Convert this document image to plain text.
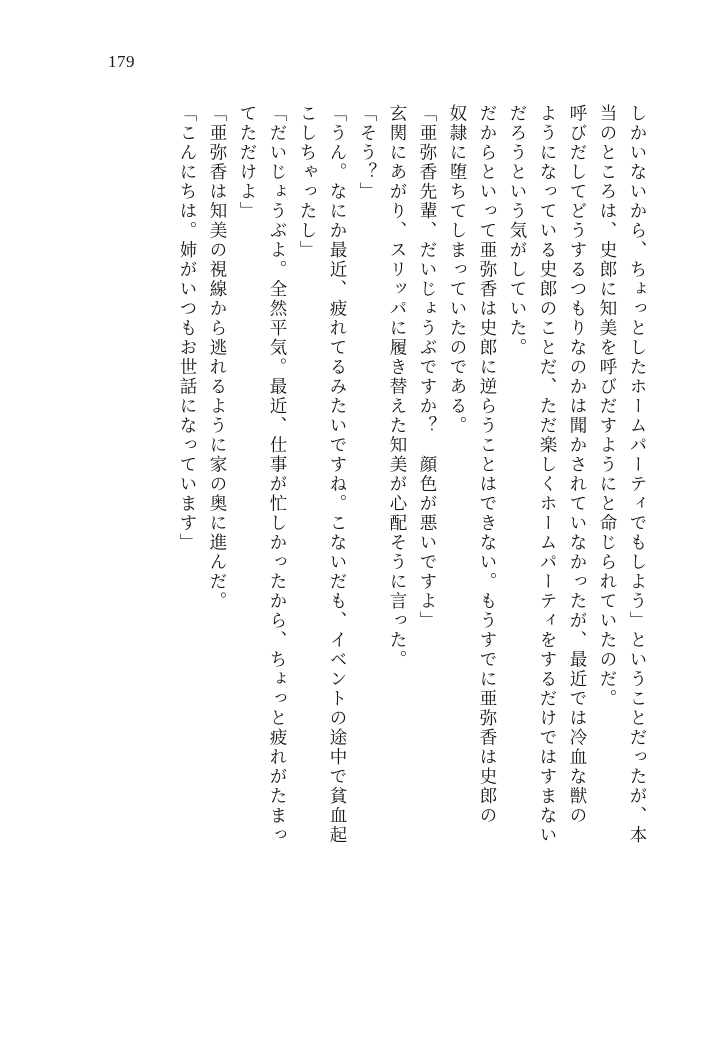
179
しかいないから、ちょっとしたホームパーティでもしよう」ということだったが、本
当のところは、史郎に知美を呼びだすようにと命じられていたのだ。
呼びだしてどうするつもりなのかは聞かされていなかったが、最近では冷血な獣の
ようになっている史郎のことだ、ただ楽しくホームパーティをするだけではすまない
だろうという気がしていた。
だからといって亜弥香は史郎に逆らうことはできない。もうすでに亜弥香は史郎の
奴隷に堕ちてしまっていたのである。
「亜弥香先輩、だいじょうぶですか？　顔色が悪いですよ」
玄関にあがり、スリッパに履き替えた知美が心配そうに言った。
「そう？」
「うん。なにか最近、疲れてるみたいですね。こないだも、イベントの途中で貧血起
こしちゃったし」
「だいじょうぶよ。全然平気。最近、仕事が忙しかったから、ちょっと疲れがたまっ
てただけよ」
「亜弥香は知美の視線から逃れるように家の奥に進んだ。
「こんにちは。姉がいつもお世話になっています」
